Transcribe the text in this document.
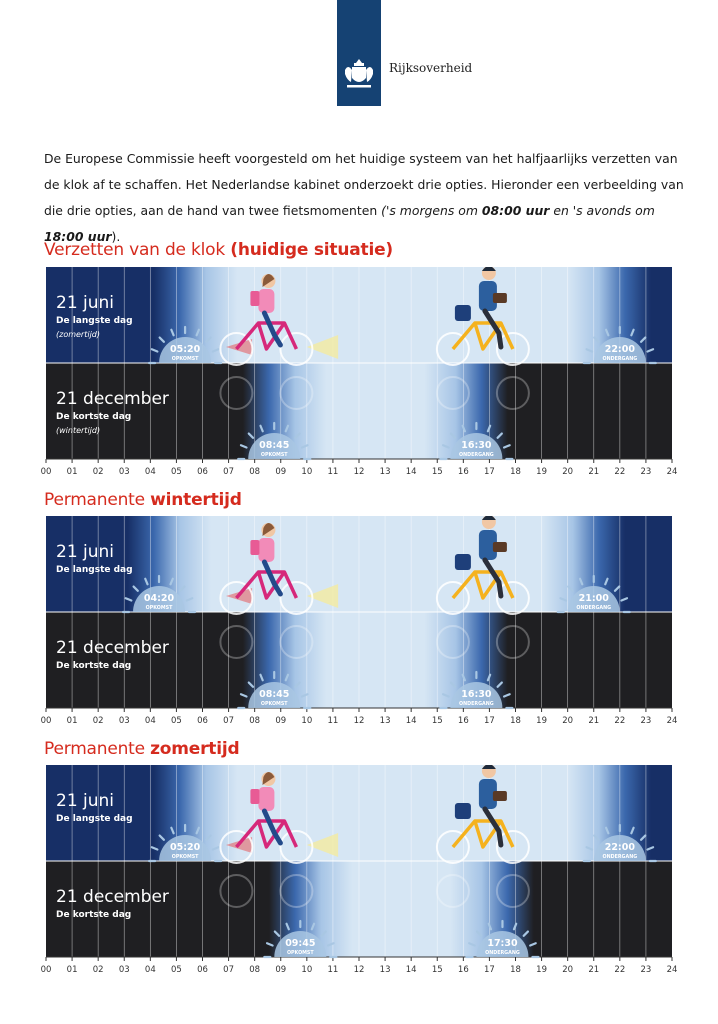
Rijksoverheid
De Europese Commissie heeft voorgesteld om het huidige systeem van het halfjaarlijks verzetten van de klok af te schaffen. Het Nederlandse kabinet onderzoekt drie opties. Hieronder een verbeelding van die drie opties, aan de hand van twee fietsmomenten ('s morgens om 08:00 uur en 's avonds om 18:00 uur).
Verzetten van de klok (huidige situatie)
Permanente wintertijd
Permanente zomertijd
00 01 02 03 04 05 06 07 08 09 10 11 12 13 14 15 16 17 18 19 20 21 22 23 24
21 juni
De langste dag
(zomertijd)
21 december
De kortste dag
(wintertijd)
05:20
OPKOMST
22:00
ONDERGANG
08:45
OPKOMST
16:30
ONDERGANG
00 01 02 03 04 05 06 07 08 09 10 11 12 13 14 15 16 17 18 19 20 21 22 23 24
21 juni
De langste dag
21 december
De kortste dag
04:20
OPKOMST
21:00
ONDERGANG
08:45
OPKOMST
16:30
ONDERGANG
00 01 02 03 04 05 06 07 08 09 10 11 12 13 14 15 16 17 18 19 20 21 22 23 24
21 juni
De langste dag
21 december
De kortste dag
05:20
OPKOMST
22:00
ONDERGANG
09:45
OPKOMST
17:30
ONDERGANG
